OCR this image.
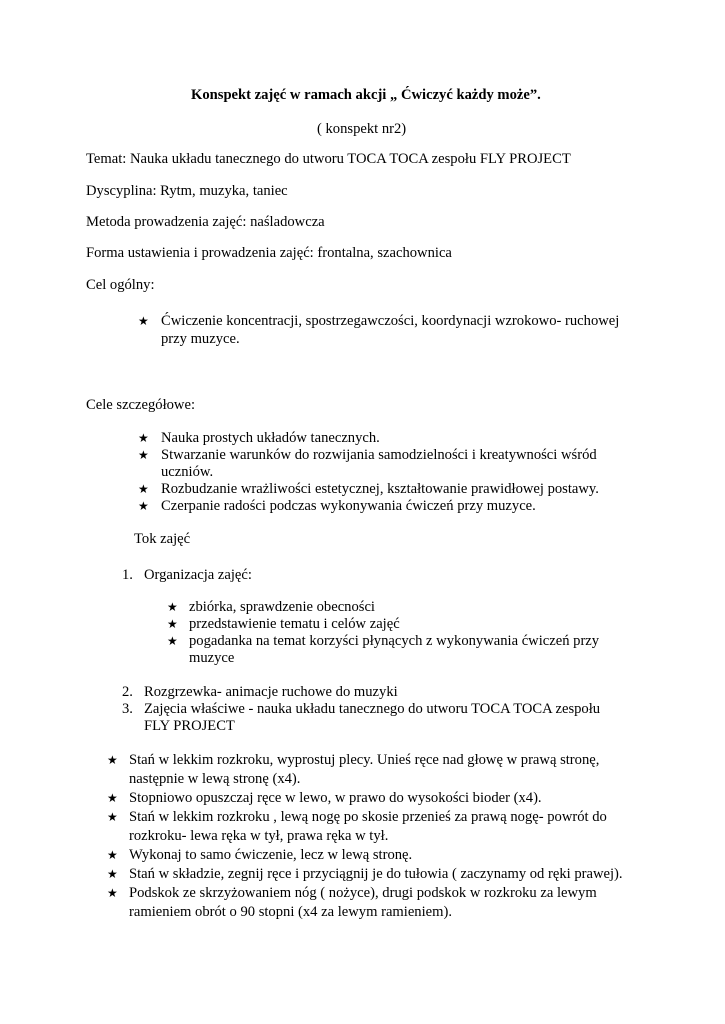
Konspekt zajęć w ramach akcji „ Ćwiczyć każdy może”.
( konspekt nr2)
Temat: Nauka układu tanecznego do utworu TOCA TOCA zespołu FLY PROJECT
Dyscyplina: Rytm, muzyka, taniec
Metoda prowadzenia zajęć: naśladowcza
Forma ustawienia i prowadzenia zajęć: frontalna, szachownica
Cel ogólny:
★ Ćwiczenie koncentracji, spostrzegawczości, koordynacji wzrokowo- ruchowej
przy muzyce.
Cele szczegółowe:
★ Nauka prostych układów tanecznych.
★ Stwarzanie warunków do rozwijania samodzielności i kreatywności wśród
uczniów.
★ Rozbudzanie wrażliwości estetycznej, kształtowanie prawidłowej postawy.
★ Czerpanie radości podczas wykonywania ćwiczeń przy muzyce.
Tok zajęć
1. Organizacja zajęć:
★ zbiórka, sprawdzenie obecności
★ przedstawienie tematu i celów zajęć
★ pogadanka na temat korzyści płynących z wykonywania ćwiczeń przy
muzyce
2. Rozgrzewka- animacje ruchowe do muzyki
3. Zajęcia właściwe - nauka układu tanecznego do utworu TOCA TOCA zespołu
FLY PROJECT
★ Stań w lekkim rozkroku, wyprostuj plecy. Unieś ręce nad głowę w prawą stronę,
następnie w lewą stronę (x4).
★ Stopniowo opuszczaj ręce w lewo, w prawo do wysokości bioder (x4).
★ Stań w lekkim rozkroku , lewą nogę po skosie przenieś za prawą nogę- powrót do
rozkroku- lewa ręka w tył, prawa ręka w tył.
★ Wykonaj to samo ćwiczenie, lecz w lewą stronę.
★ Stań w składzie, zegnij ręce i przyciągnij je do tułowia ( zaczynamy od ręki prawej).
★ Podskok ze skrzyżowaniem nóg ( nożyce), drugi podskok w rozkroku za lewym
ramieniem obrót o 90 stopni (x4 za lewym ramieniem).
